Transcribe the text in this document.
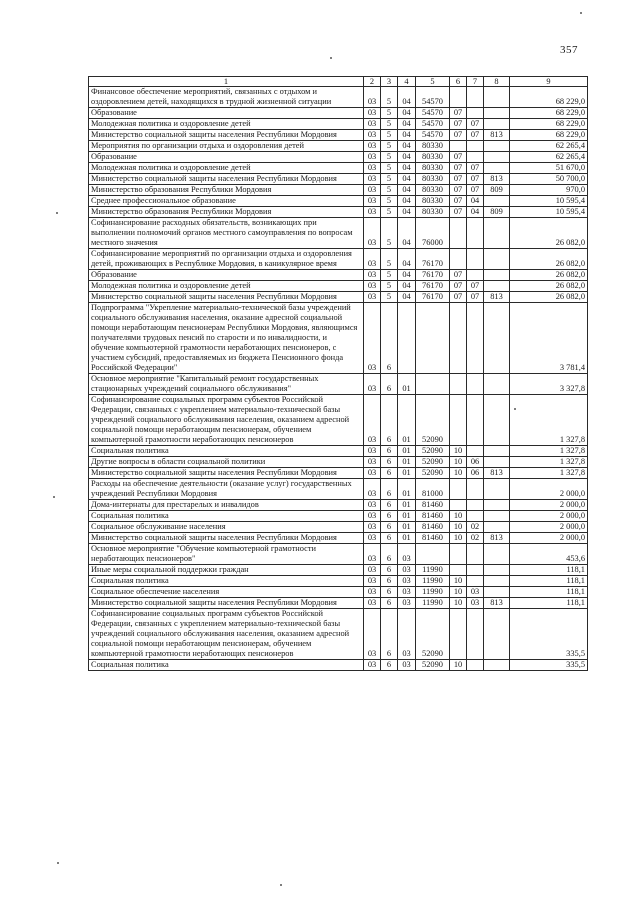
357
1	2	3	4	5	6	7	8	9
Финансовое обеспечение мероприятий, связанных с отдыхом и оздоровлением детей, находящихся в трудной жизненной ситуации	03	5	04	54570				68 229,0
Образование	03	5	04	54570	07			68 229,0
Молодежная политика и оздоровление детей	03	5	04	54570	07	07		68 229,0
Министерство социальной защиты населения Республики Мордовия	03	5	04	54570	07	07	813	68 229,0
Мероприятия по организации отдыха и оздоровления детей	03	5	04	80330				62 265,4
Образование	03	5	04	80330	07			62 265,4
Молодежная политика и оздоровление детей	03	5	04	80330	07	07		51 670,0
Министерство социальной защиты населения Республики Мордовия	03	5	04	80330	07	07	813	50 700,0
Министерство образования Республики Мордовия	03	5	04	80330	07	07	809	970,0
Среднее профессиональное образование	03	5	04	80330	07	04		10 595,4
Министерство образования Республики Мордовия	03	5	04	80330	07	04	809	10 595,4
Софинансирование расходных обязательств, возникающих при выполнении полномочий органов местного самоуправления по вопросам местного значения	03	5	04	76000				26 082,0
Софинансирование мероприятий по организации отдыха и оздоровления детей, проживающих в Республике Мордовия, в каникулярное время	03	5	04	76170				26 082,0
Образование	03	5	04	76170	07			26 082,0
Молодежная политика и оздоровление детей	03	5	04	76170	07	07		26 082,0
Министерство социальной защиты населения Республики Мордовия	03	5	04	76170	07	07	813	26 082,0
Подпрограмма "Укрепление материально-технической базы учреждений социального обслуживания населения, оказание адресной социальной помощи неработающим пенсионерам Республики Мордовия, являющимся получателями трудовых пенсий по старости и по инвалидности, и обучение компьютерной грамотности неработающих пенсионеров, с участием субсидий, предоставляемых из бюджета Пенсионного фонда Российской Федерации"	03	6						3 781,4
Основное мероприятие "Капитальный ремонт государственных стационарных учреждений социального обслуживания"	03	6	01					3 327,8
Софинансирование социальных программ субъектов Российской Федерации, связанных с укреплением материально-технической базы учреждений социального обслуживания населения, оказанием адресной социальной помощи неработающим пенсионерам, обучением компьютерной грамотности неработающих пенсионеров	03	6	01	52090				1 327,8
Социальная политика	03	6	01	52090	10			1 327,8
Другие вопросы в области социальной политики	03	6	01	52090	10	06		1 327,8
Министерство социальной защиты населения Республики Мордовия	03	6	01	52090	10	06	813	1 327,8
Расходы на обеспечение деятельности (оказание услуг) государственных учреждений Республики Мордовия	03	6	01	81000				2 000,0
Дома-интернаты для престарелых и инвалидов	03	6	01	81460				2 000,0
Социальная политика	03	6	01	81460	10			2 000,0
Социальное обслуживание населения	03	6	01	81460	10	02		2 000,0
Министерство социальной защиты населения Республики Мордовия	03	6	01	81460	10	02	813	2 000,0
Основное мероприятие "Обучение компьютерной грамотности неработающих пенсионеров"	03	6	03					453,6
Иные меры социальной поддержки граждан	03	6	03	11990				118,1
Социальная политика	03	6	03	11990	10			118,1
Социальное обеспечение населения	03	6	03	11990	10	03		118,1
Министерство социальной защиты населения Республики Мордовия	03	6	03	11990	10	03	813	118,1
Софинансирование социальных программ субъектов Российской Федерации, связанных с укреплением материально-технической базы учреждений социального обслуживания населения, оказанием адресной социальной помощи неработающим пенсионерам, обучением компьютерной грамотности неработающих пенсионеров	03	6	03	52090				335,5
Социальная политика	03	6	03	52090	10			335,5
